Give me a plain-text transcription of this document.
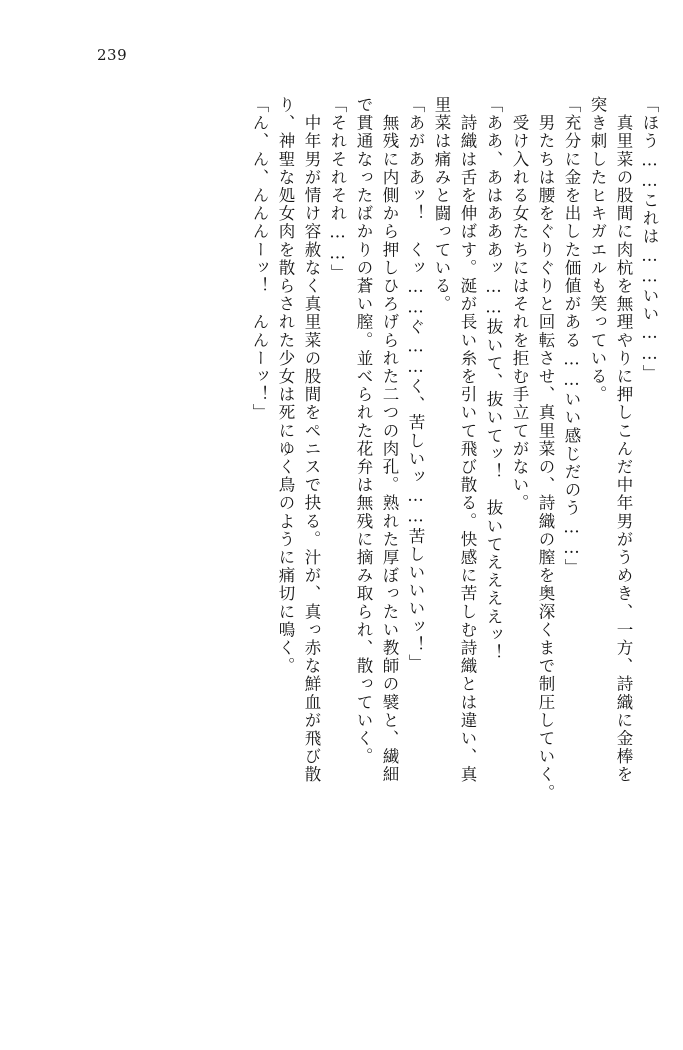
239
「ほう……これは……いい……」
　真里菜の股間に肉杭を無理やりに押しこんだ中年男がうめき、一方、詩織に金棒を
突き刺したヒキガエルも笑っている。
「充分に金を出した価値がある……いい感じだのう……」
　男たちは腰をぐりぐりと回転させ、真里菜の、詩織の膣を奥深くまで制圧していく。
　受け入れる女たちにはそれを拒む手立てがない。
「ああ、あはあああッ……抜いて、抜いてッ！　抜いてええええッ！
　詩織は舌を伸ばす。涎が長い糸を引いて飛び散る。快感に苦しむ詩織とは違い、真
里菜は痛みと闘っている。
「あがああッ！　くッ……ぐ……く、苦しいッ……苦しいいいッ！」
　無残に内側から押しひろげられた二つの肉孔。熟れた厚ぼったい教師の襞と、繊細
で貫通なったばかりの蒼い膣。並べられた花弁は無残に摘み取られ、散っていく。
「それそれそれ……」
　中年男が情け容赦なく真里菜の股間をペニスで抉る。汁が、真っ赤な鮮血が飛び散
り、神聖な処女肉を散らされた少女は死にゆく鳥のように痛切に鳴く。
「ん、ん、んんんーッ！　んんーッ！」
